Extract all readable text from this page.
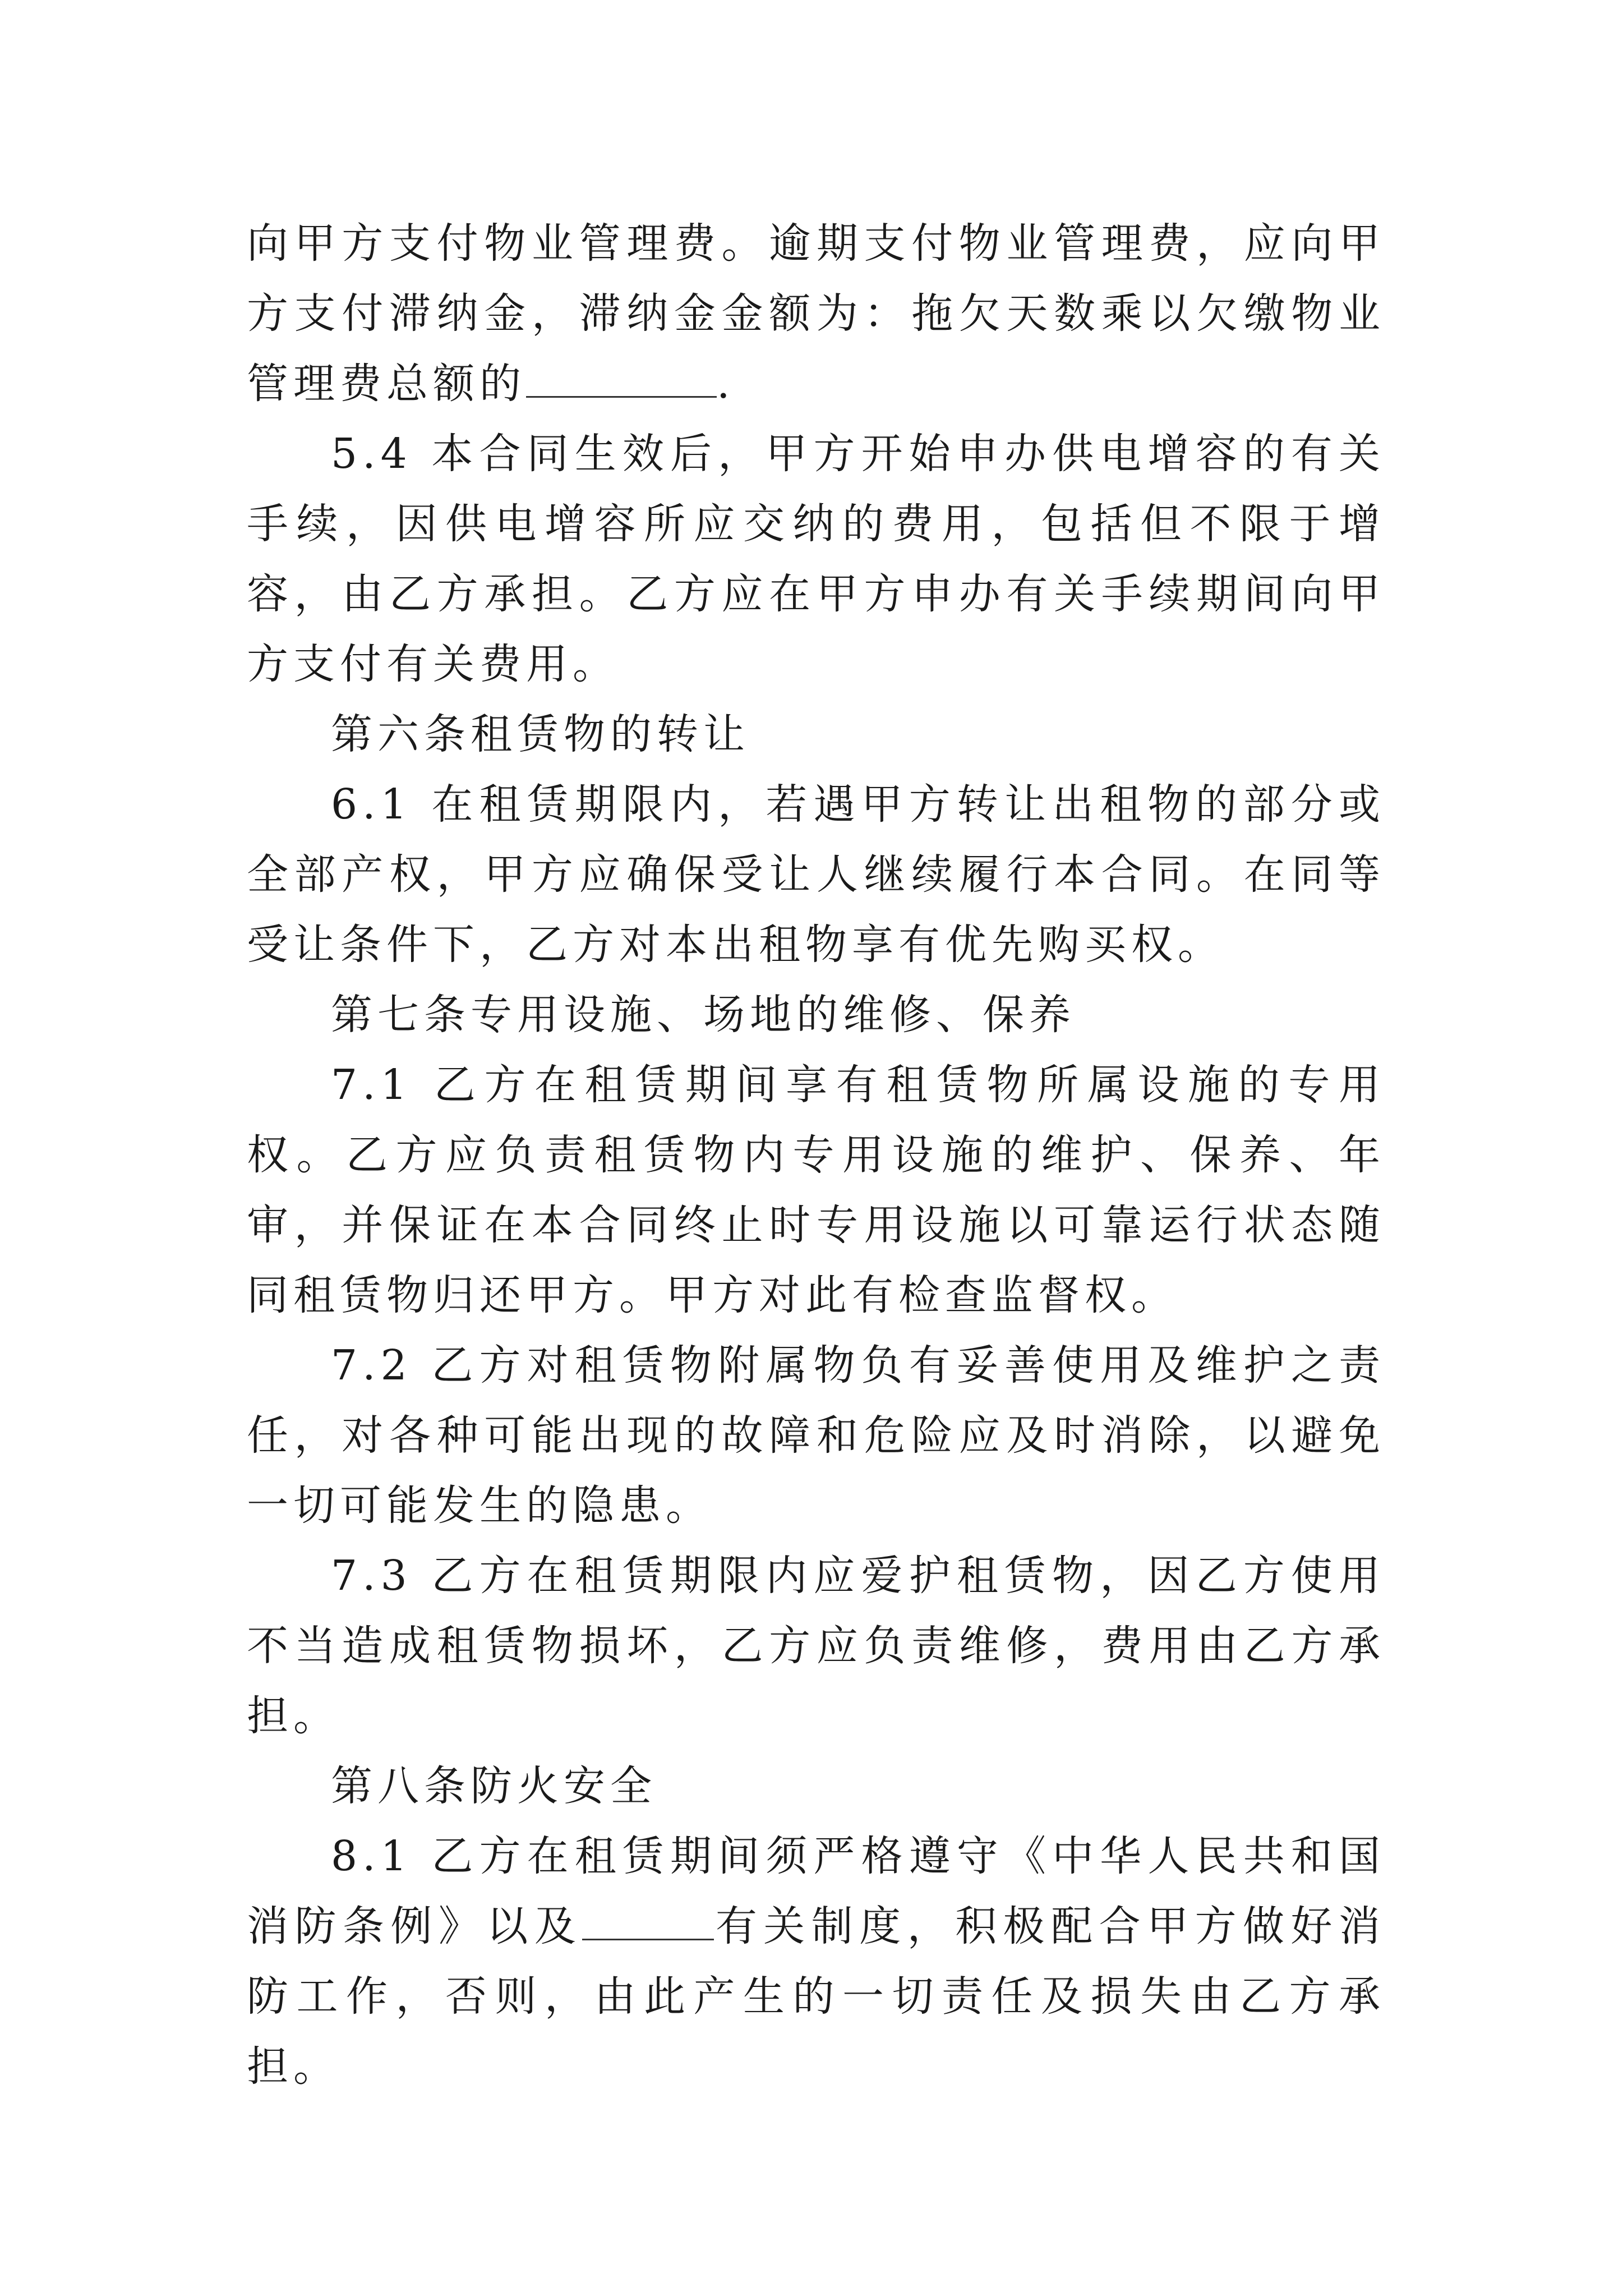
向甲方支付物业管理费。逾期支付物业管理费，应向甲方支付滞纳金，滞纳金金额为：拖欠天数乘以欠缴物业管理费总额的	.

5.4 本合同生效后，甲方开始申办供电增容的有关手续，因供电增容所应交纳的费用，包括但不限于增容，由乙方承担。乙方应在甲方申办有关手续期间向甲方支付有关费用。

第六条租赁物的转让

6.1 在租赁期限内，若遇甲方转让出租物的部分或全部产权，甲方应确保受让人继续履行本合同。在同等受让条件下，乙方对本出租物享有优先购买权。

第七条专用设施、场地的维修、保养

7.1 乙方在租赁期间享有租赁物所属设施的专用权。乙方应负责租赁物内专用设施的维护、保养、年审，并保证在本合同终止时专用设施以可靠运行状态随同租赁物归还甲方。甲方对此有检查监督权。

7.2 乙方对租赁物附属物负有妥善使用及维护之责任，对各种可能出现的故障和危险应及时消除，以避免一切可能发生的隐患。

7.3 乙方在租赁期限内应爱护租赁物，因乙方使用不当造成租赁物损坏，乙方应负责维修，费用由乙方承担。

第八条防火安全

8.1 乙方在租赁期间须严格遵守《中华人民共和国消防条例》以及	有关制度，积极配合甲方做好消防工作，否则，由此产生的一切责任及损失由乙方承担。
